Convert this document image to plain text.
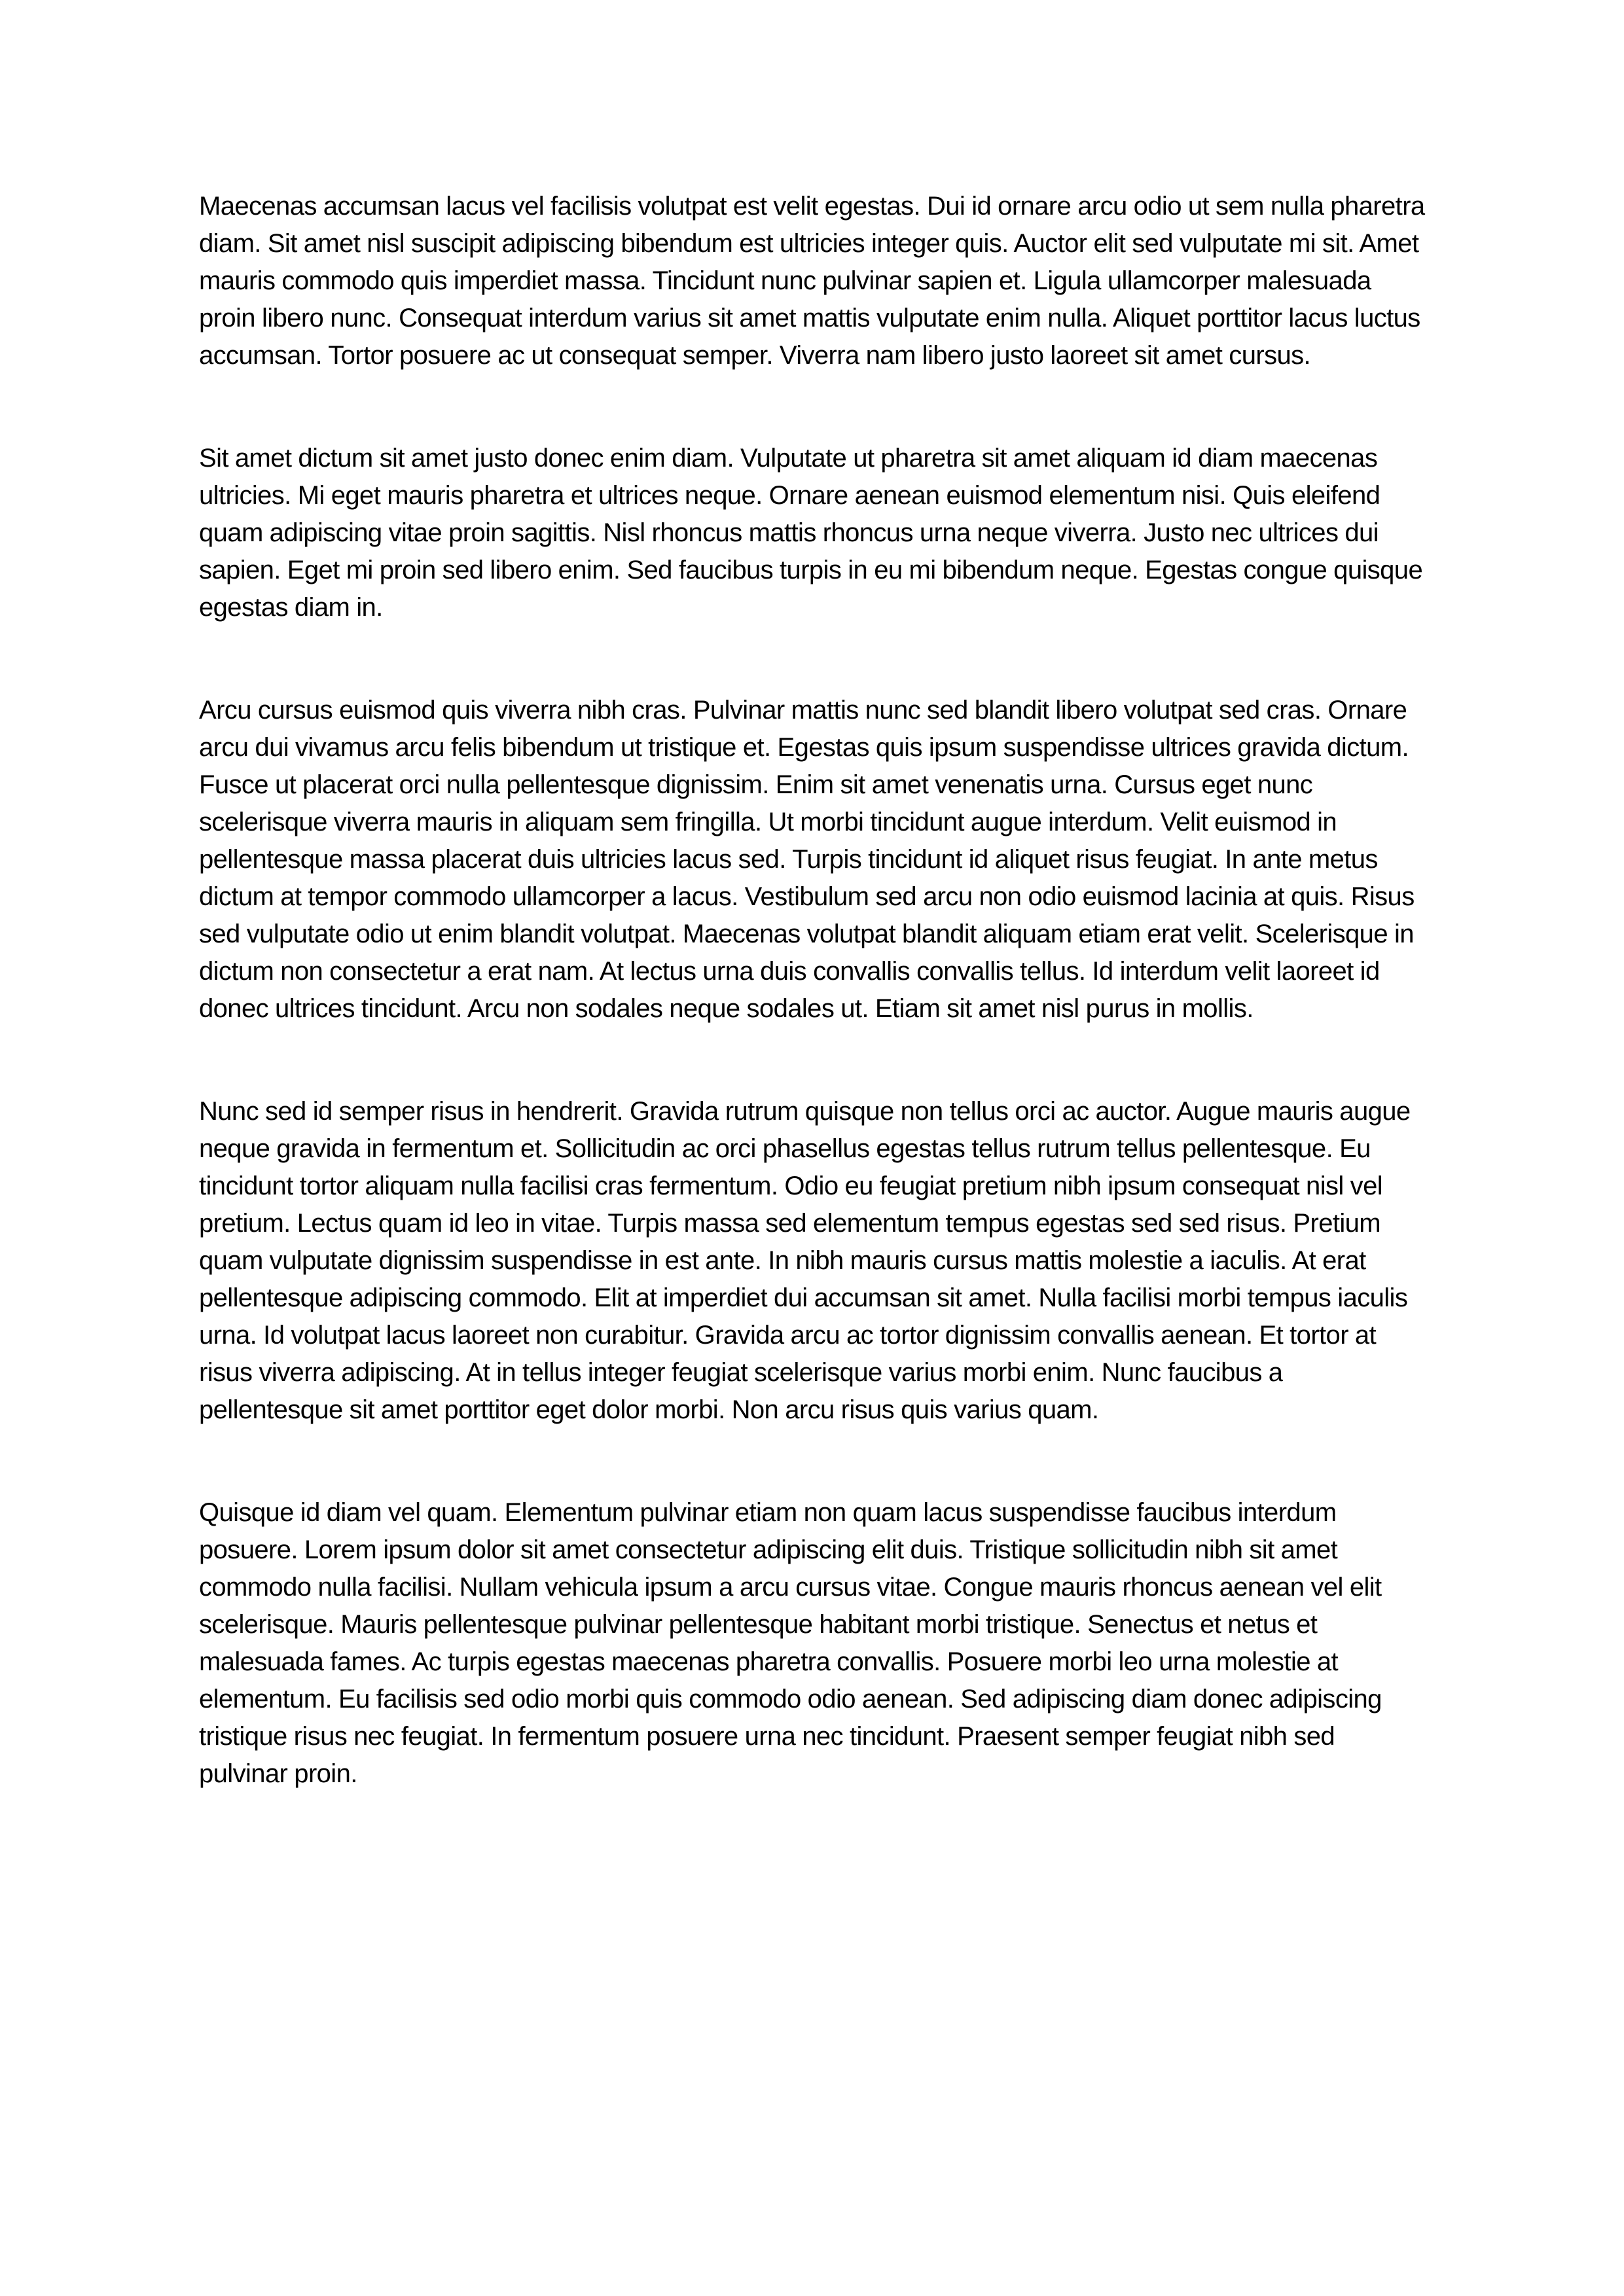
Maecenas accumsan lacus vel facilisis volutpat est velit egestas. Dui id ornare arcu odio ut sem nulla pharetra diam. Sit amet nisl suscipit adipiscing bibendum est ultricies integer quis. Auctor elit sed vulputate mi sit. Amet mauris commodo quis imperdiet massa. Tincidunt nunc pulvinar sapien et. Ligula ullamcorper malesuada proin libero nunc. Consequat interdum varius sit amet mattis vulputate enim nulla. Aliquet porttitor lacus luctus accumsan. Tortor posuere ac ut consequat semper. Viverra nam libero justo laoreet sit amet cursus.

Sit amet dictum sit amet justo donec enim diam. Vulputate ut pharetra sit amet aliquam id diam maecenas ultricies. Mi eget mauris pharetra et ultrices neque. Ornare aenean euismod elementum nisi. Quis eleifend quam adipiscing vitae proin sagittis. Nisl rhoncus mattis rhoncus urna neque viverra. Justo nec ultrices dui sapien. Eget mi proin sed libero enim. Sed faucibus turpis in eu mi bibendum neque. Egestas congue quisque egestas diam in.

Arcu cursus euismod quis viverra nibh cras. Pulvinar mattis nunc sed blandit libero volutpat sed cras. Ornare arcu dui vivamus arcu felis bibendum ut tristique et. Egestas quis ipsum suspendisse ultrices gravida dictum. Fusce ut placerat orci nulla pellentesque dignissim. Enim sit amet venenatis urna. Cursus eget nunc scelerisque viverra mauris in aliquam sem fringilla. Ut morbi tincidunt augue interdum. Velit euismod in pellentesque massa placerat duis ultricies lacus sed. Turpis tincidunt id aliquet risus feugiat. In ante metus dictum at tempor commodo ullamcorper a lacus. Vestibulum sed arcu non odio euismod lacinia at quis. Risus sed vulputate odio ut enim blandit volutpat. Maecenas volutpat blandit aliquam etiam erat velit. Scelerisque in dictum non consectetur a erat nam. At lectus urna duis convallis convallis tellus. Id interdum velit laoreet id donec ultrices tincidunt. Arcu non sodales neque sodales ut. Etiam sit amet nisl purus in mollis.

Nunc sed id semper risus in hendrerit. Gravida rutrum quisque non tellus orci ac auctor. Augue mauris augue neque gravida in fermentum et. Sollicitudin ac orci phasellus egestas tellus rutrum tellus pellentesque. Eu tincidunt tortor aliquam nulla facilisi cras fermentum. Odio eu feugiat pretium nibh ipsum consequat nisl vel pretium. Lectus quam id leo in vitae. Turpis massa sed elementum tempus egestas sed sed risus. Pretium quam vulputate dignissim suspendisse in est ante. In nibh mauris cursus mattis molestie a iaculis. At erat pellentesque adipiscing commodo. Elit at imperdiet dui accumsan sit amet. Nulla facilisi morbi tempus iaculis urna. Id volutpat lacus laoreet non curabitur. Gravida arcu ac tortor dignissim convallis aenean. Et tortor at risus viverra adipiscing. At in tellus integer feugiat scelerisque varius morbi enim. Nunc faucibus a pellentesque sit amet porttitor eget dolor morbi. Non arcu risus quis varius quam.

Quisque id diam vel quam. Elementum pulvinar etiam non quam lacus suspendisse faucibus interdum posuere. Lorem ipsum dolor sit amet consectetur adipiscing elit duis. Tristique sollicitudin nibh sit amet commodo nulla facilisi. Nullam vehicula ipsum a arcu cursus vitae. Congue mauris rhoncus aenean vel elit scelerisque. Mauris pellentesque pulvinar pellentesque habitant morbi tristique. Senectus et netus et malesuada fames. Ac turpis egestas maecenas pharetra convallis. Posuere morbi leo urna molestie at elementum. Eu facilisis sed odio morbi quis commodo odio aenean. Sed adipiscing diam donec adipiscing tristique risus nec feugiat. In fermentum posuere urna nec tincidunt. Praesent semper feugiat nibh sed pulvinar proin.
